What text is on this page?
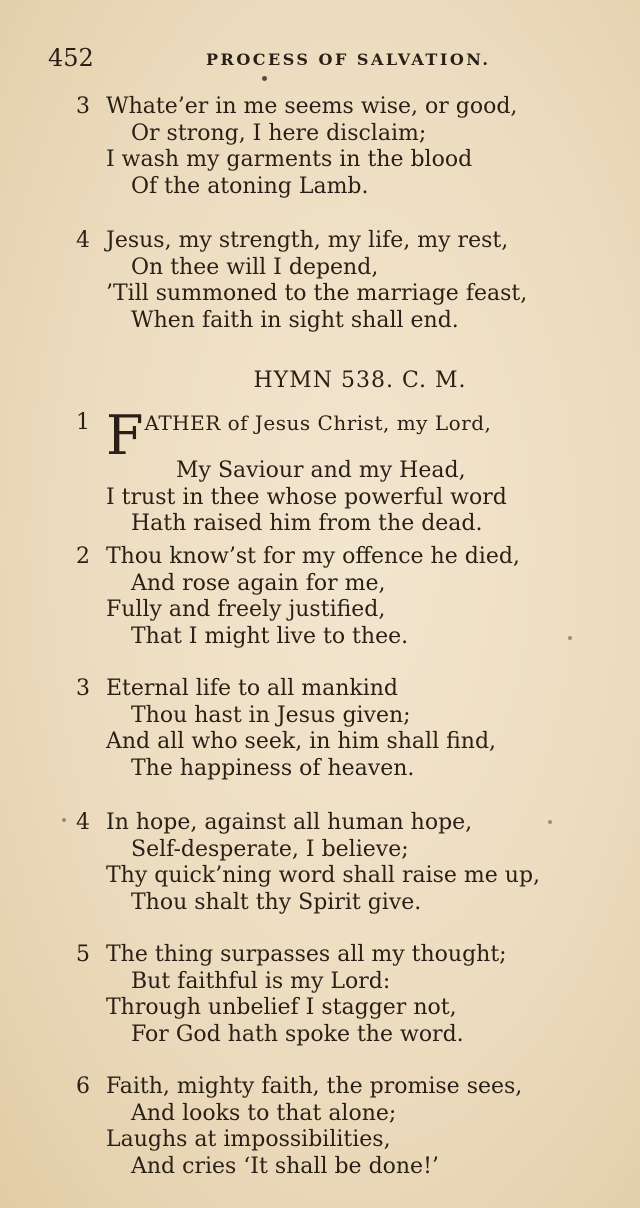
452	PROCESS OF SALVATION.
3 Whate’er in me seems wise, or good,
Or strong, I here disclaim;
I wash my garments in the blood
Of the atoning Lamb.
4 Jesus, my strength, my life, my rest,
On thee will I depend,
’Till summoned to the marriage feast,
When faith in sight shall end.
HYMN 538. C. M.
1 FATHER of Jesus Christ, my Lord,
My Saviour and my Head,
I trust in thee whose powerful word
Hath raised him from the dead.
2 Thou know’st for my offence he died,
And rose again for me,
Fully and freely justified,
That I might live to thee.
3 Eternal life to all mankind
Thou hast in Jesus given;
And all who seek, in him shall find,
The happiness of heaven.
4 In hope, against all human hope,
Self-desperate, I believe;
Thy quick’ning word shall raise me up,
Thou shalt thy Spirit give.
5 The thing surpasses all my thought;
But faithful is my Lord:
Through unbelief I stagger not,
For God hath spoke the word.
6 Faith, mighty faith, the promise sees,
And looks to that alone;
Laughs at impossibilities,
And cries ‘It shall be done!’
